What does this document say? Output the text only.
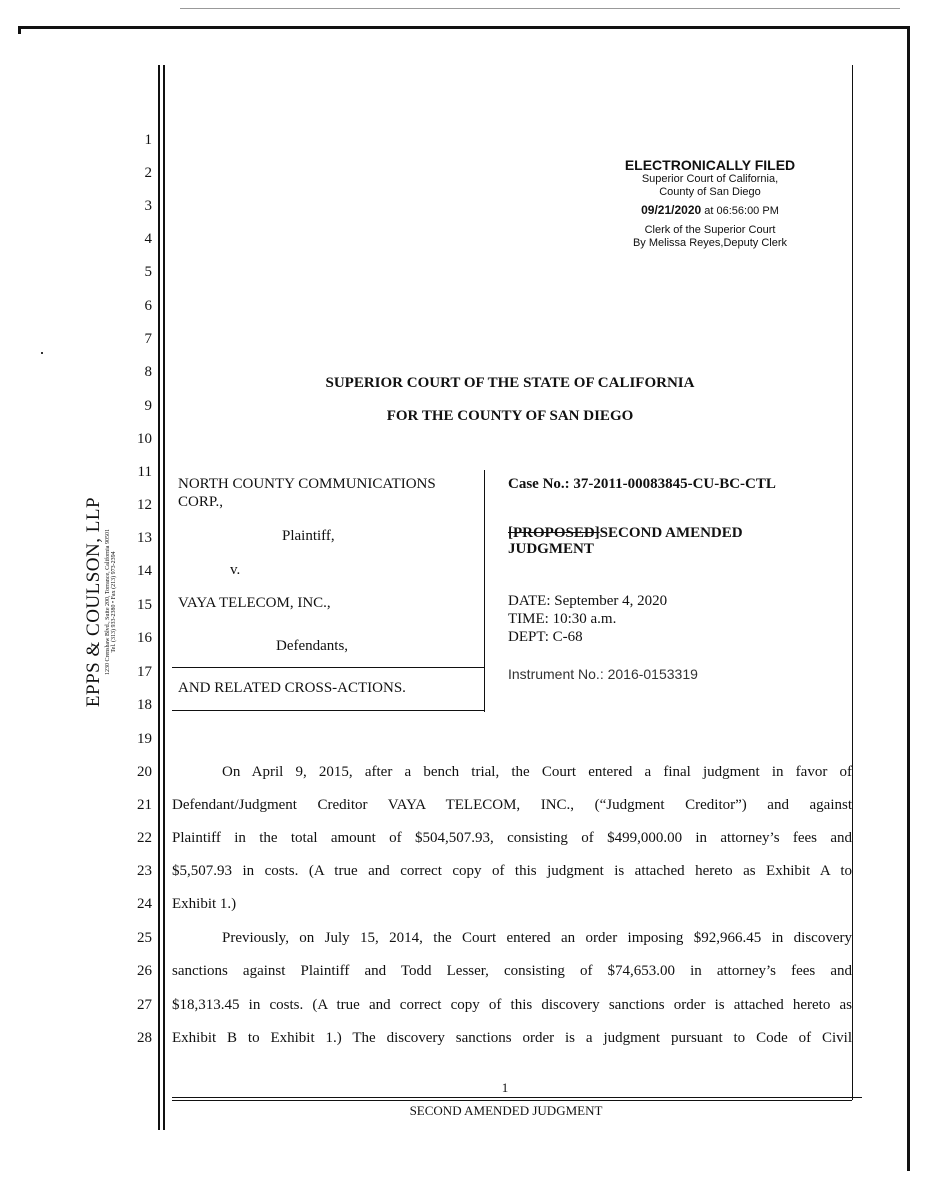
ELECTRONICALLY FILED
Superior Court of California,
County of San Diego
09/21/2020 at 06:56:00 PM
Clerk of the Superior Court
By Melissa Reyes,Deputy Clerk
1
2
3
4
5
6
7
8
9
10
11
12
13
14
15
16
17
18
19
20
21
22
23
24
25
26
27
28
SUPERIOR COURT OF THE STATE OF CALIFORNIA
FOR THE COUNTY OF SAN DIEGO
NORTH COUNTY COMMUNICATIONS
CORP.,
Plaintiff,
v.
VAYA TELECOM, INC.,
Defendants,
AND RELATED CROSS-ACTIONS.
Case No.: 37-2011-00083845-CU-BC-CTL
[PROPOSED]SECOND AMENDED
JUDGMENT
DATE: September 4, 2020
TIME: 10:30 a.m.
DEPT: C-68
Instrument No.: 2016-0153319
On April 9, 2015, after a bench trial, the Court entered a final judgment in favor of
Defendant/Judgment Creditor VAYA TELECOM, INC., (“Judgment Creditor”) and against
Plaintiff in the total amount of $504,507.93, consisting of $499,000.00 in attorney’s fees and
$5,507.93 in costs. (A true and correct copy of this judgment is attached hereto as Exhibit A to
Exhibit 1.)
Previously, on July 15, 2014, the Court entered an order imposing $92,966.45 in discovery
sanctions against Plaintiff and Todd Lesser, consisting of $74,653.00 in attorney’s fees and
$18,313.45 in costs. (A true and correct copy of this discovery sanctions order is attached hereto as
Exhibit B to Exhibit 1.) The discovery sanctions order is a judgment pursuant to Code of Civil
EPPS & COULSON, LLP 1230 Crenshaw Blvd., Suite 200, Torrance, California 90501 Tel. (313) 933-2380 • Fax (213) 973-2394
1
SECOND AMENDED JUDGMENT
